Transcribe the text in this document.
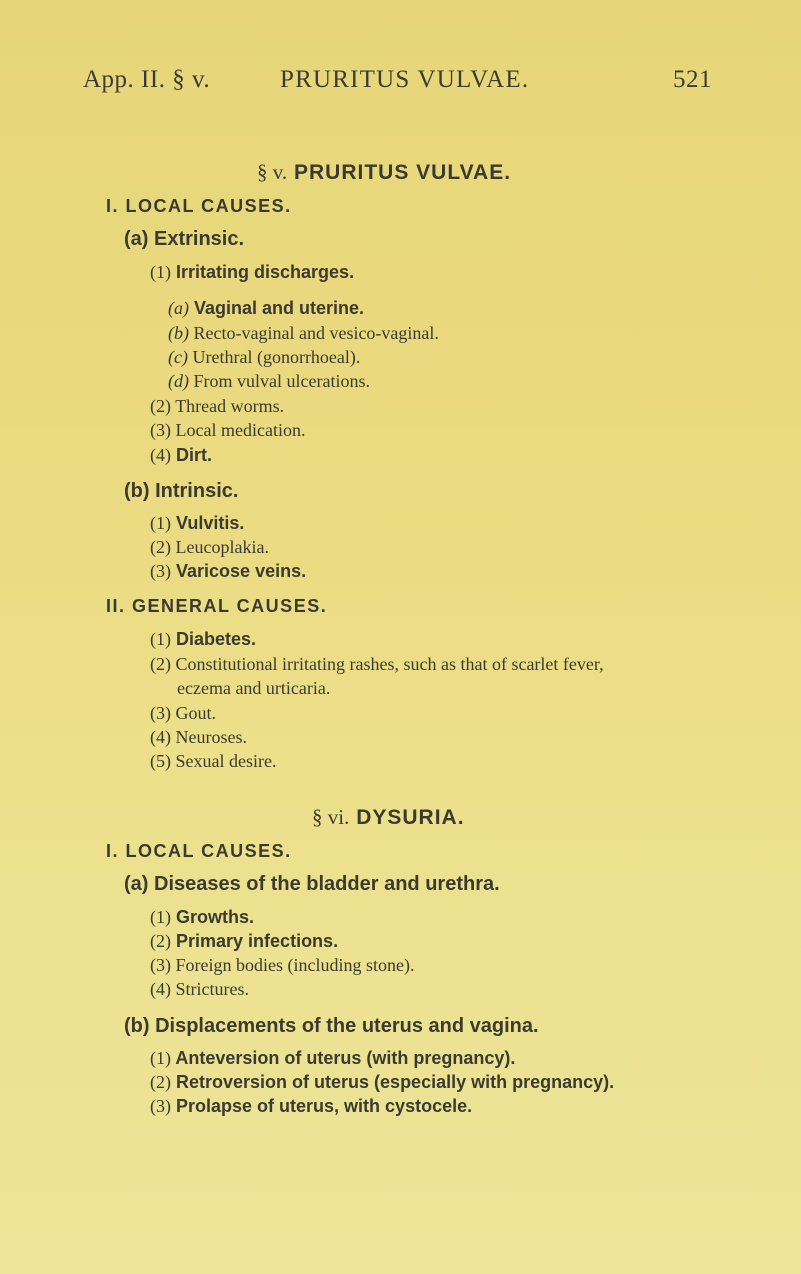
App. II. § v.	PRURITUS VULVAE.	521
§ v. PRURITUS VULVAE.
I. LOCAL CAUSES.
(a) Extrinsic.
(1) Irritating discharges.
(a) Vaginal and uterine.
(b) Recto-vaginal and vesico-vaginal.
(c) Urethral (gonorrhoeal).
(d) From vulval ulcerations.
(2) Thread worms.
(3) Local medication.
(4) Dirt.
(b) Intrinsic.
(1) Vulvitis.
(2) Leucoplakia.
(3) Varicose veins.
II. GENERAL CAUSES.
(1) Diabetes.
(2) Constitutional irritating rashes, such as that of scarlet fever,
eczema and urticaria.
(3) Gout.
(4) Neuroses.
(5) Sexual desire.
§ vi. DYSURIA.
I. LOCAL CAUSES.
(a) Diseases of the bladder and urethra.
(1) Growths.
(2) Primary infections.
(3) Foreign bodies (including stone).
(4) Strictures.
(b) Displacements of the uterus and vagina.
(1) Anteversion of uterus (with pregnancy).
(2) Retroversion of uterus (especially with pregnancy).
(3) Prolapse of uterus, with cystocele.
